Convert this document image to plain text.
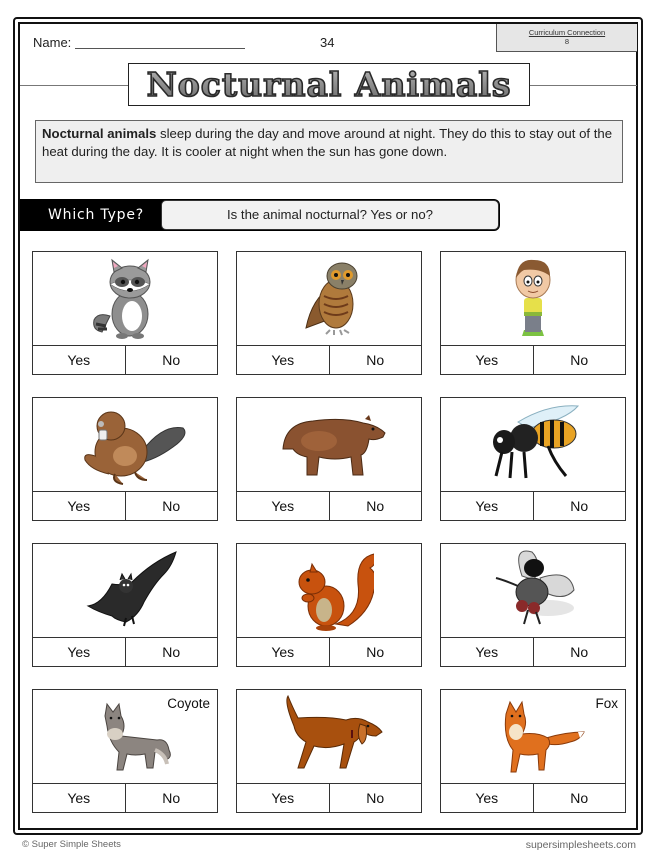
Name:	34
Curriculum Connection
8
Nocturnal Animals
Nocturnal animals sleep during the day and move around at night. They do this to stay out of the heat during the day. It is cooler at night when the sun has gone down.
Which Type?	Is the animal nocturnal? Yes or no?
Yes	No	Yes	No	Yes	No
Yes	No	Yes	No	Yes	No
Yes	No	Yes	No	Yes	No
Coyote
Yes	No	Yes	No
Fox
Yes	No
© Super Simple Sheets	supersimplesheets.com
